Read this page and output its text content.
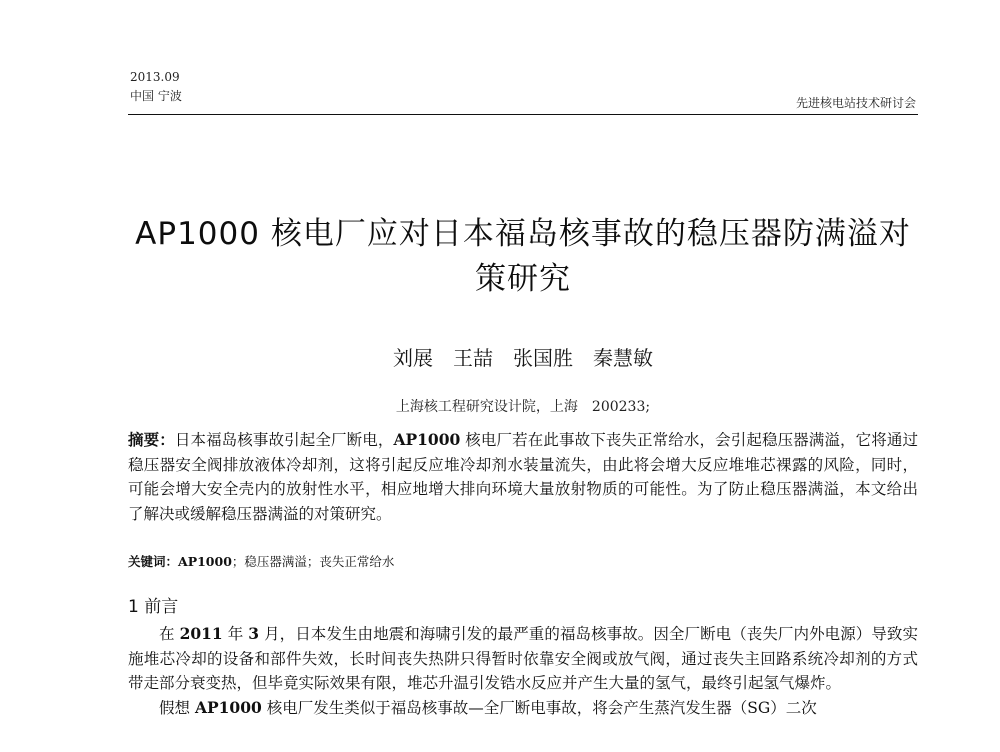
2013.09
中国 宁波	先进核电站技术研讨会
AP1000 核电厂应对日本福岛核事故的稳压器防满溢对策研究
刘展　王喆　张国胜　秦慧敏
上海核工程研究设计院，上海　200233;
摘要：日本福岛核事故引起全厂断电，AP1000 核电厂若在此事故下丧失正常给水，会引起稳压器满溢，它将通过稳压器安全阀排放液体冷却剂，这将引起反应堆冷却剂水装量流失，由此将会增大反应堆堆芯裸露的风险，同时，可能会增大安全壳内的放射性水平，相应地增大排向环境大量放射物质的可能性。为了防止稳压器满溢，本文给出了解决或缓解稳压器满溢的对策研究。
关键词：AP1000；稳压器满溢；丧失正常给水
1 前言

在 2011 年 3 月，日本发生由地震和海啸引发的最严重的福岛核事故。因全厂断电（丧失厂内外电源）导致实施堆芯冷却的设备和部件失效，长时间丧失热阱只得暂时依靠安全阀或放气阀，通过丧失主回路系统冷却剂的方式带走部分衰变热，但毕竟实际效果有限，堆芯升温引发锆水反应并产生大量的氢气，最终引起氢气爆炸。

假想 AP1000 核电厂发生类似于福岛核事故—全厂断电事故，将会产生蒸汽发生器（SG）二次
